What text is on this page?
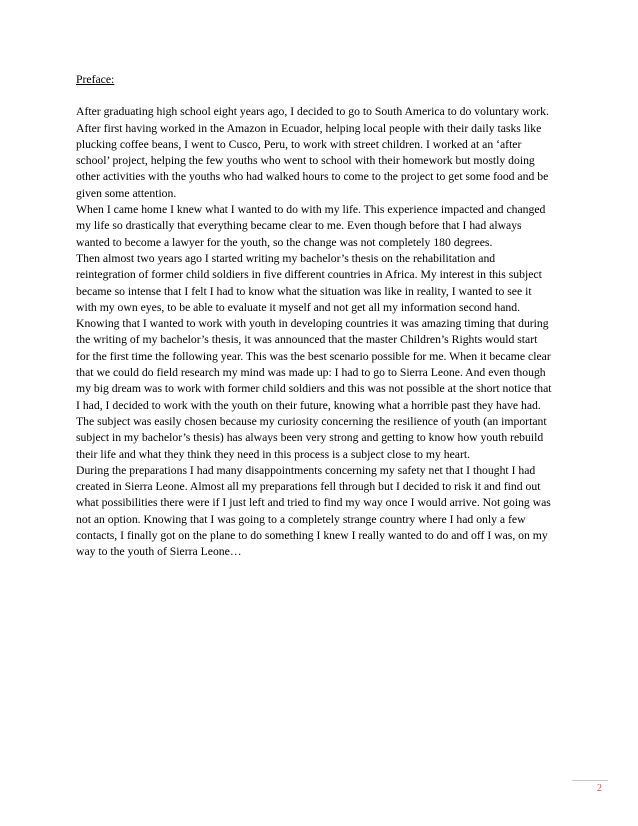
Preface:

After graduating high school eight years ago, I decided to go to South America to do voluntary work. After first having worked in the Amazon in Ecuador, helping local people with their daily tasks like plucking coffee beans, I went to Cusco, Peru, to work with street children. I worked at an ‘after school’ project, helping the few youths who went to school with their homework but mostly doing other activities with the youths who had walked hours to come to the project to get some food and be given some attention.

When I came home I knew what I wanted to do with my life. This experience impacted and changed my life so drastically that everything became clear to me. Even though before that I had always wanted to become a lawyer for the youth, so the change was not completely 180 degrees.

Then almost two years ago I started writing my bachelor’s thesis on the rehabilitation and reintegration of former child soldiers in five different countries in Africa. My interest in this subject became so intense that I felt I had to know what the situation was like in reality, I wanted to see it with my own eyes, to be able to evaluate it myself and not get all my information second hand. Knowing that I wanted to work with youth in developing countries it was amazing timing that during the writing of my bachelor’s thesis, it was announced that the master Children’s Rights would start for the first time the following year. This was the best scenario possible for me. When it became clear that we could do field research my mind was made up: I had to go to Sierra Leone. And even though my big dream was to work with former child soldiers and this was not possible at the short notice that I had, I decided to work with the youth on their future, knowing what a horrible past they have had.

The subject was easily chosen because my curiosity concerning the resilience of youth (an important subject in my bachelor’s thesis) has always been very strong and getting to know how youth rebuild their life and what they think they need in this process is a subject close to my heart.

During the preparations I had many disappointments concerning my safety net that I thought I had created in Sierra Leone. Almost all my preparations fell through but I decided to risk it and find out what possibilities there were if I just left and tried to find my way once I would arrive. Not going was not an option. Knowing that I was going to a completely strange country where I had only a few contacts, I finally got on the plane to do something I knew I really wanted to do and off I was, on my way to the youth of Sierra Leone…

2
